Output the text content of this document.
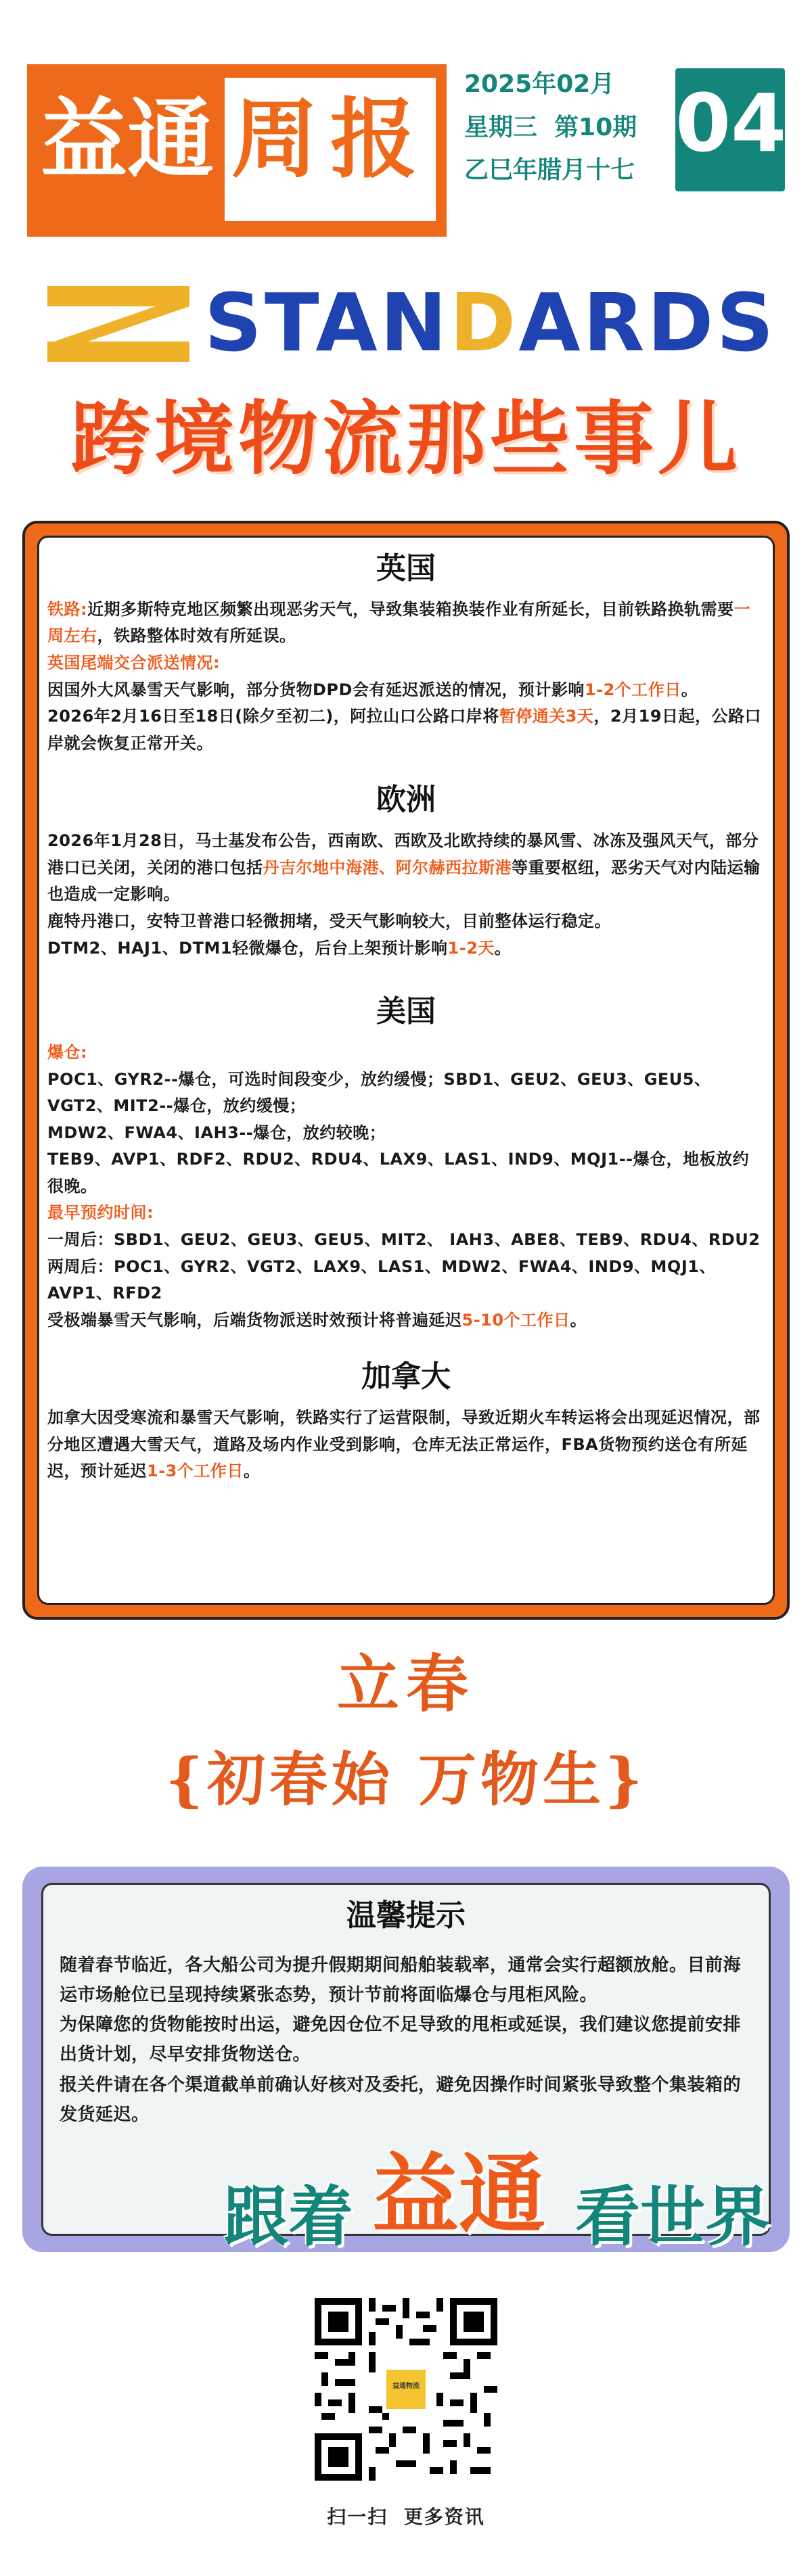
益 通 周 报
2025年02月
星期三  第10期
乙巳年腊月十七
04
STANDARDS
跨境物流那些事儿
英国
铁路:近期多斯特克地区频繁出现恶劣天气，导致集装箱换装作业有所延长，目前铁路换轨需要一周左右，铁路整体时效有所延误。
英国尾端交合派送情况:
因国外大风暴雪天气影响，部分货物DPD会有延迟派送的情况，预计影响1-2个工作日。
2026年2月16日至18日(除夕至初二)，阿拉山口公路口岸将暂停通关3天，2月19日起，公路口岸就会恢复正常开关。
欧洲
2026年1月28日，马士基发布公告，西南欧、西欧及北欧持续的暴风雪、冰冻及强风天气，部分港口已关闭，关闭的港口包括丹吉尔地中海港、阿尔赫西拉斯港等重要枢纽，恶劣天气对内陆运输也造成一定影响。
鹿特丹港口，安特卫普港口轻微拥堵，受天气影响较大，目前整体运行稳定。
DTM2、HAJ1、DTM1轻微爆仓，后台上架预计影响1-2天。
美国
爆仓:
POC1、GYR2--爆仓，可选时间段变少，放约缓慢；SBD1、GEU2、GEU3、GEU5、VGT2、MIT2--爆仓，放约缓慢；
MDW2、FWA4、IAH3--爆仓，放约较晚；
TEB9、AVP1、RDF2、RDU2、RDU4、LAX9、LAS1、IND9、MQJ1--爆仓，地板放约很晚。
最早预约时间:
一周后：SBD1、GEU2、GEU3、GEU5、MIT2、 IAH3、ABE8、TEB9、RDU4、RDU2
两周后：POC1、GYR2、VGT2、LAX9、LAS1、MDW2、FWA4、IND9、MQJ1、AVP1、RFD2
受极端暴雪天气影响，后端货物派送时效预计将普遍延迟5-10个工作日。
加拿大
加拿大因受寒流和暴雪天气影响，铁路实行了运营限制，导致近期火车转运将会出现延迟情况，部分地区遭遇大雪天气，道路及场内作业受到影响，仓库无法正常运作，FBA货物预约送仓有所延迟，预计延迟1-3个工作日。
立春
{初春始 万物生}
温馨提示
随着春节临近，各大船公司为提升假期期间船舶装载率，通常会实行超额放舱。目前海运市场舱位已呈现持续紧张态势，预计节前将面临爆仓与甩柜风险。
为保障您的货物能按时出运，避免因仓位不足导致的甩柜或延误，我们建议您提前安排出货计划，尽早安排货物送仓。
报关件请在各个渠道截单前确认好核对及委托，避免因操作时间紧张导致整个集装箱的发货延迟。
跟着 益通 看世界
益通物流
扫一扫  更多资讯
